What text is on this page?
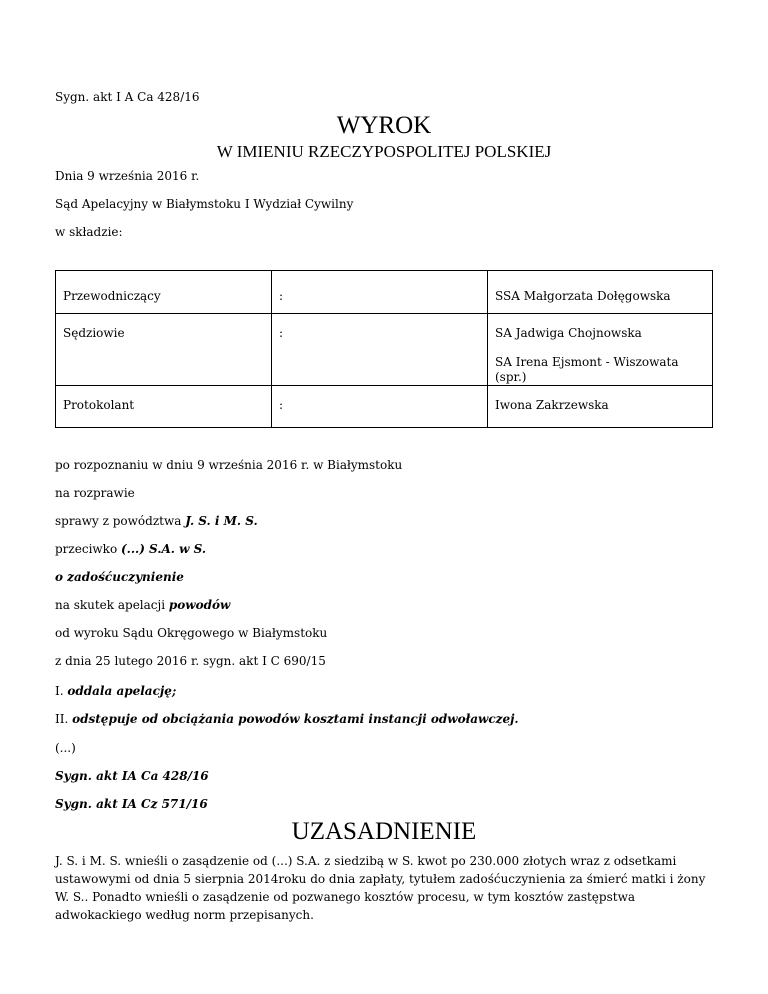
Sygn. akt I A Ca 428/16
WYROK
W IMIENIU RZECZYPOSPOLITEJ POLSKIEJ
Dnia 9 września 2016 r.
Sąd Apelacyjny w Białymstoku I Wydział Cywilny
w składzie:
Przewodniczący	:	SSA Małgorzata Dołęgowska

Sędziowie	:	SA Jadwiga Chojnowska
SA Irena Ejsmont - Wiszowata (spr.)

Protokolant	:	Iwona Zakrzewska
po rozpoznaniu w dniu 9 września 2016 r. w Białymstoku
na rozprawie
sprawy z powództwa J. S. i M. S.
przeciwko (...) S.A. w S.
o zadośćuczynienie
na skutek apelacji powodów
od wyroku Sądu Okręgowego w Białymstoku
z dnia 25 lutego 2016 r. sygn. akt I C 690/15
I. oddala apelację;
II. odstępuje od obciążania powodów kosztami instancji odwoławczej.
(...)
Sygn. akt IA Ca 428/16
Sygn. akt IA Cz 571/16
UZASADNIENIE
J. S. i M. S. wnieśli o zasądzenie od (...) S.A. z siedzibą w S. kwot po 230.000 złotych wraz z odsetkami ustawowymi od dnia 5 sierpnia 2014roku do dnia zapłaty, tytułem zadośćuczynienia za śmierć matki i żony W. S.. Ponadto wnieśli o zasądzenie od pozwanego kosztów procesu, w tym kosztów zastępstwa adwokackiego według norm przepisanych.
